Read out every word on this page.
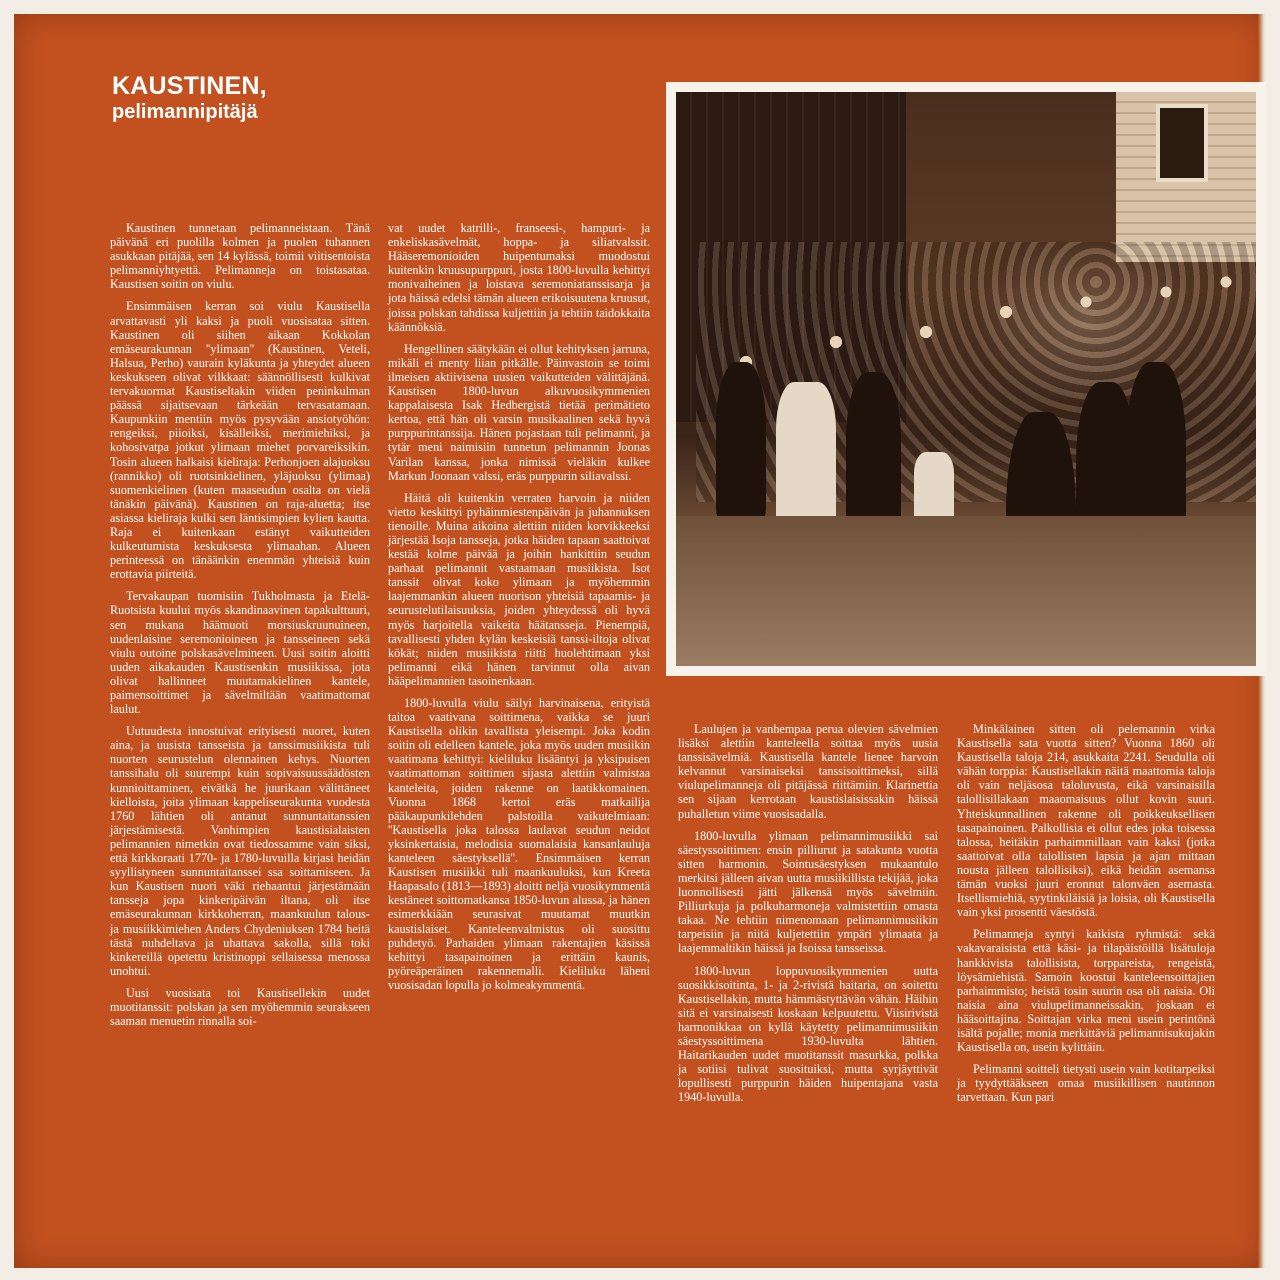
KAUSTINEN,
pelimannipitäjä

Kaustinen tunnetaan pelimanneistaan. Tänä päivänä eri puolilla kolmen ja puolen tuhannen asukkaan pitäjää, sen 14 kylässä, toimii viitisentoista pelimanniyhtyettä. Pelimanneja on toistasataa. Kaustisen soitin on viulu.

Ensimmäisen kerran soi viulu Kaustisella arvattavasti yli kaksi ja puoli vuosisataa sitten. Kaustinen oli siihen aikaan Kokkolan emäseurakunnan ''ylimaan'' (Kaustinen, Veteli, Halsua, Perho) vaurain kyläkunta ja yhteydet alueen keskukseen olivat vilkkaat: säännöllisesti kulkivat tervakuormat Kaustiseltakin viiden peninkulman päässä sijaitsevaan tärkeään tervasatamaan. Kaupunkiin mentiin myös pysyvään ansiotyöhön: rengeiksi, piioiksi, kisälleiksi, merimiehiksi, ja kohosivatpa jotkut ylimaan miehet porvareiksikin. Tosin alueen halkaisi kieliraja: Perhonjoen alajuoksu (rannikko) oli ruotsinkielinen, yläjuoksu (ylimaa) suomenkielinen (kuten maaseudun osalta on vielä tänäkin päivänä). Kaustinen on raja-aluetta; itse asiassa kieliraja kulki sen läntisimpien kylien kautta. Raja ei kuitenkaan estänyt vaikutteiden kulkeutumista keskuksesta ylimaahan. Alueen perinteessä on tänäänkin enemmän yhteisiä kuin erottavia piirteitä.

Tervakaupan tuomisiin Tukholmasta ja Etelä-Ruotsista kuului myös skandinaavinen tapakulttuuri, sen mukana häämuoti morsiuskruunuineen, uudenlaisine seremonioineen ja tansseineen sekä viulu outoine polskasävelmineen. Uusi soitin aloitti uuden aikakauden Kaustisenkin musiikissa, jota olivat hallinneet muutamakielinen kantele, paimensoittimet ja sävelmiltään vaatimattomat laulut.

Uutuudesta innostuivat erityisesti nuoret, kuten aina, ja uusista tansseista ja tanssimusiikista tuli nuorten seurustelun olennainen kehys. Nuorten tanssihalu oli suurempi kuin sopivaisuussäädösten kunnioittaminen, eivätkä he juurikaan välittäneet kielloista, joita ylimaan kappeliseurakunta vuodesta 1760 lähtien oli antanut sunnuntaitanssien järjestämisestä. Vanhimpien kaustisialaisten pelimannien nimetkin ovat tiedossamme vain siksi, että kirkkoraati 1770- ja 1780-luvuilla kirjasi heidän syyllistyneen sunnuntaitanssei ssa soittamiseen. Ja kun Kaustisen nuori väki riehaantui järjestämään tansseja jopa kinkeripäivän iltana, oli itse emäseurakunnan kirkkoherran, maankuulun talous- ja musiikkimiehen Anders Chydeniuksen 1784 heitä tästä nuhdeltava ja uhattava sakolla, sillä toki kinkereillä opetettu kristinoppi sellaisessa menossa unohtui.

Uusi vuosisata toi Kaustisellekin uudet muotitanssit: polskan ja sen myöhemmin seurakseen saaman menuetin rinnalla soi-

vat uudet katrilli-, franseesi-, hampuri- ja enkeliskasävelmät, hoppa- ja siliatvalssit. Hääseremonioiden huipentumaksi muodostui kuitenkin kruusupurppuri, josta 1800-luvulla kehittyi monivaiheinen ja loistava seremoniatanssisarja ja jota häissä edelsi tämän alueen erikoisuutena kruusut, joissa polskan tahdissa kuljettiin ja tehtiin taidokkaita käännöksiä.

Hengellinen säätykään ei ollut kehityksen jarruna, mikäli ei menty liian pitkälle. Päinvastoin se toimi ilmeisen aktiivisena uusien vaikutteiden välittäjänä. Kaustisen 1800-luvun alkuvuosikymmenien kappalaisesta Isak Hedbergistä tietää perimätieto kertoa, että hän oli varsin musikaalinen sekä hyvä purppurintanssija. Hänen pojastaan tuli pelimanni, ja tytär meni naimisiin tunnetun pelimannin Joonas Varilan kanssa, jonka nimissä vieläkin kulkee Markun Joonaan valssi, eräs purppurin siliavalssi.

Häitä oli kuitenkin verraten harvoin ja niiden vietto keskittyi pyhäinmiestenpäivän ja juhannuksen tienoille. Muina aikoina alettiin niiden korvikkeeksi järjestää Isoja tansseja, jotka häiden tapaan saattoivat kestää kolme päivää ja joihin hankittiin seudun parhaat pelimannit vastaamaan musiikista. Isot tanssit olivat koko ylimaan ja myöhemmin laajemmankin alueen nuorison yhteisiä tapaamis- ja seurustelutilaisuuksia, joiden yhteydessä oli hyvä myös harjoitella vaikeita häätansseja. Pienempiä, tavallisesti yhden kylän keskeisiä tanssi-iltoja olivat kökät; niiden musiikista riitti huolehtimaan yksi pelimanni eikä hänen tarvinnut olla aivan hääpelimannien tasoinenkaan.

1800-luvulla viulu säilyi harvinaisena, erityistä taitoa vaativana soittimena, vaikka se juuri Kaustisella olikin tavallista yleisempi. Joka kodin soitin oli edelleen kantele, joka myös uuden musiikin vaatimana kehittyi: kieliluku lisääntyi ja yksipuisen vaatimattoman soittimen sijasta alettiin valmistaa kanteleita, joiden rakenne on laatikkomainen. Vuonna 1868 kertoi eräs matkailija pääkaupunkilehden palstoilla vaikutelmiaan: ''Kaustisella joka talossa laulavat seudun neidot yksinkertaisia, melodisia suomalaisia kansanlauluja kanteleen säestyksellä''. Ensimmäisen kerran Kaustisen musiikki tuli maankuuluksi, kun Kreeta Haapasalo (1813—1893) aloitti neljä vuosikymmentä kestäneet soittomatkansa 1850-luvun alussa, ja hänen esimerkkiään seurasivat muutamat muutkin kaustislaiset. Kanteleenvalmistus oli suosittu puhdetyö. Parhaiden ylimaan rakentajien käsissä kehittyi tasapainoinen ja erittäin kaunis, pyöreäperäinen rakennemalli. Kieliluku läheni vuosisadan lopulla jo kolmeakymmentä.

Laulujen ja vanhempaa perua olevien sävelmien lisäksi alettiin kanteleella soittaa myös uusia tanssisävelmiä. Kaustisella kantele lienee harvoin kelvannut varsinaiseksi tanssisoittimeksi, sillä viulupelimanneja oli pitäjässä riittämiin. Klarinettia sen sijaan kerrotaan kaustislaisissakin häissä puhalletun viime vuosisadalla.

1800-luvulla ylimaan pelimannimusiikki sai säestyssoittimen: ensin pilliurut ja satakunta vuotta sitten harmonin. Sointusäestyksen mukaantulo merkitsi jälleen aivan uutta musiikillista tekijää, joka luonnollisesti jätti jälkensä myös sävelmiin. Pilliurkuja ja polkuharmoneja valmistettiin omasta takaa. Ne tehtiin nimenomaan pelimannimusiikin tarpeisiin ja niitä kuljetettiin ympäri ylimaata ja laajemmaltikin häissä ja Isoissa tansseissa.

1800-luvun loppuvuosikymmenien uutta suosikkisoitinta, 1- ja 2-rivistä haitaria, on soitettu Kaustisellakin, mutta hämmästyttävän vähän. Häihin sitä ei varsinaisesti koskaan kelpuutettu. Viisirivistä harmonikkaa on kyllä käytetty pelimannimusiikin säestyssoittimena 1930-luvulta lähtien. Haitarikauden uudet muotitanssit masurkka, polkka ja sotiisi tulivat suosituiksi, mutta syrjäyttivät lopullisesti purppurin häiden huipentajana vasta 1940-luvulla.

Minkälainen sitten oli pelemannin virka Kaustisella sata vuotta sitten? Vuonna 1860 oli Kaustisella taloja 214, asukkaita 2241. Seudulla oli vähän torppia: Kaustisellakin näitä maattomia taloja oli vain neljäsosa taloluvusta, eikä varsinaisilla talollisillakaan maaomaisuus ollut kovin suuri. Yhteiskunnallinen rakenne oli poikkeuksellisen tasapainoinen. Palkollisia ei ollut edes joka toisessa talossa, heitäkin parhaimmillaan vain kaksi (jotka saattoivat olla talollisten lapsia ja ajan mittaan nousta jälleen talollisiksi), eikä heidän asemansa tämän vuoksi juuri eronnut talonväen asemasta. Itsellismiehiä, syytinkiläisiä ja loisia, oli Kaustisella vain yksi prosentti väestöstä.

Pelimanneja syntyi kaikista ryhmistä: sekä vakavaraisista että käsi- ja tilapäistöillä lisätuloja hankkivista talollisista, torppareista, rengeistä, löysämiehistä. Samoin koostui kanteleensoittajien parhaimmisto; heistä tosin suurin osa oli naisia. Oli naisia aina viulupelimanneissakin, joskaan ei hääsoittajina. Soittajan virka meni usein perintönä isältä pojalle; monia merkittäviä pelimannisukujakin Kaustisella on, usein kylittäin.

Pelimanni soitteli tietysti usein vain kotitarpeiksi ja tyydyttääkseen omaa musiikillisen nautinnon tarvettaan. Kun pari
